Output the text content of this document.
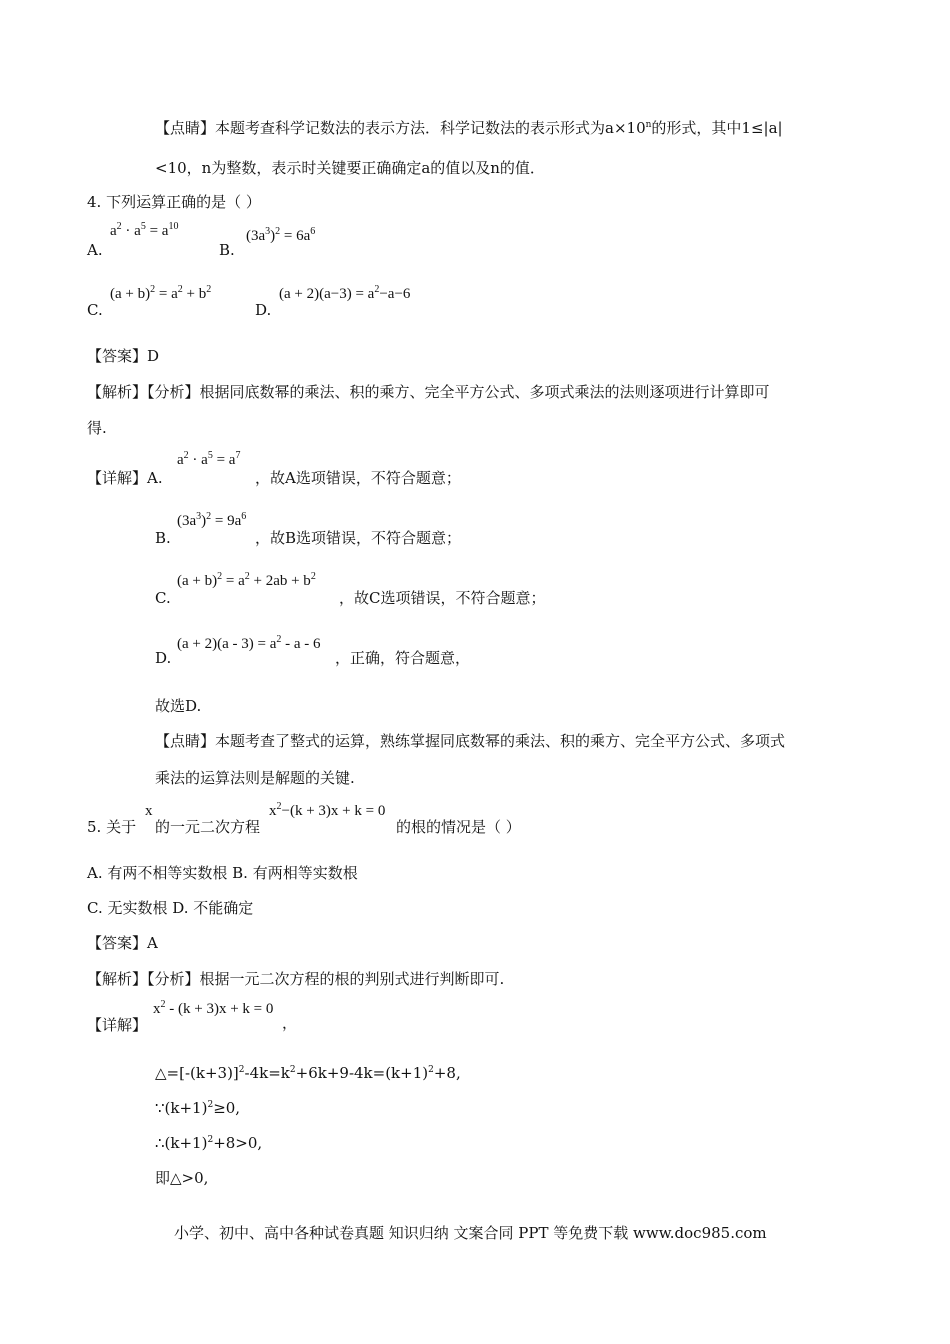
【点睛】本题考查科学记数法的表示方法．科学记数法的表示形式为$a\times 10^n$的形式，其中1≤|a|
<10，n为整数，表示时关键要正确确定a的值以及n的值．
4. 下列运算正确的是（ ）
A.
$a^2 \cdot a^5 = a^{10}$
B.
$(3a^3)^2 = 6a^6$
C.
$(a + b)^2 = a^2 + b^2$
D.
$(a + 2)(a-3) = a^2-a-6$
【答案】D
【解析】【分析】根据同底数幂的乘法、积的乘方、完全平方公式、多项式乘法的法则逐项进行计算即可
得.
【详解】A.
$a^2 \cdot a^5 = a^7$
，故A选项错误，不符合题意；
B.
$(3a^3)^2 = 9a^6$
，故B选项错误，不符合题意；
C.
$(a + b)^2 = a^2 + 2ab + b^2$
，故C选项错误，不符合题意；
D.
$(a + 2)(a - 3) = a^2 - a - 6$
，正确，符合题意，
故选D.
【点睛】本题考查了整式的运算，熟练掌握同底数幂的乘法、积的乘方、完全平方公式、多项式
乘法的运算法则是解题的关键.
5. 关于
x
的一元二次方程
$x^2-(k + 3)x + k = 0$
的根的情况是（ ）
A. 有两不相等实数根 B. 有两相等实数根
C. 无实数根 D. 不能确定
【答案】A
【解析】【分析】根据一元二次方程的根的判别式进行判断即可.
【详解】
$x^2 - (k + 3)x + k = 0$
，
$\triangle=[-(k+3)]^2-4k=k^2+6k+9-4k=(k+1)^2+8$,
$\because(k+1)^2\ge 0$,
$\therefore(k+1)^2+8>0$,
即△>0,
小学、初中、高中各种试卷真题 知识归纳 文案合同 PPT 等免费下载 www.doc985.com
